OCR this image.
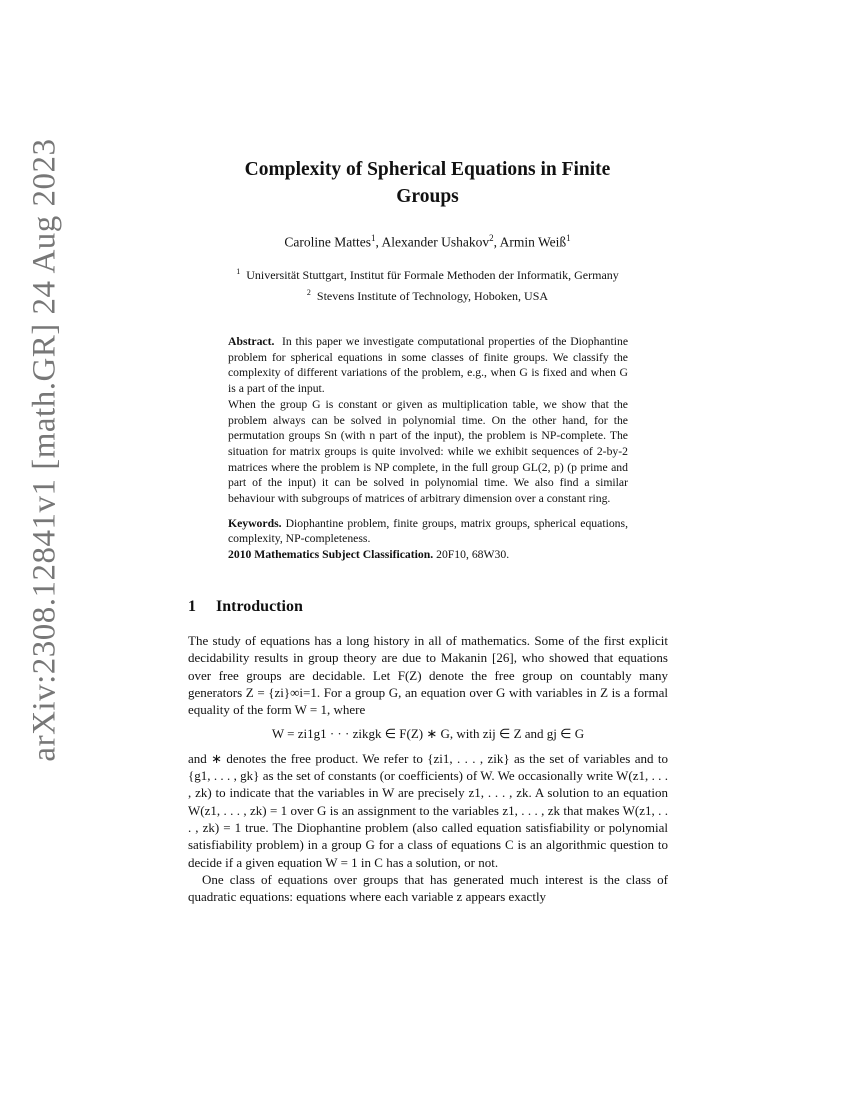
arXiv:2308.12841v1 [math.GR] 24 Aug 2023	Complexity of Spherical Equations in Finite
Groups
Caroline Mattes$^1$, Alexander Ushakov$^2$, Armin Weiß$^1$
$^1$ Universität Stuttgart, Institut für Formale Methoden der Informatik, Germany
$^2$ Stevens Institute of Technology, Hoboken, USA

Abstract. In this paper we investigate computational properties of the Diophantine problem for spherical equations in some classes of finite groups. We classify the complexity of different variations of the problem, e.g., when G is fixed and when G is a part of the input.

When the group G is constant or given as multiplication table, we show that the problem always can be solved in polynomial time. On the other hand, for the permutation groups Sn (with n part of the input), the problem is NP-complete. The situation for matrix groups is quite involved: while we exhibit sequences of 2-by-2 matrices where the problem is NP complete, in the full group GL(2, p) (p prime and part of the input) it can be solved in polynomial time. We also find a similar behaviour with subgroups of matrices of arbitrary dimension over a constant ring.

Keywords. Diophantine problem, finite groups, matrix groups, spherical equations, complexity, NP-completeness.

2010 Mathematics Subject Classification. 20F10, 68W30.

1 Introduction

The study of equations has a long history in all of mathematics. Some of the first explicit decidability results in group theory are due to Makanin [26], who showed that equations over free groups are decidable. Let F(Z) denote the free group on countably many generators Z = {zi}∞i=1. For a group G, an equation over G with variables in Z is a formal equality of the form W = 1, where

W = zi1g1 · · · zikgk ∈ F(Z) ∗ G, with zij ∈ Z and gj ∈ G

and ∗ denotes the free product. We refer to {zi1, . . . , zik} as the set of variables and to {g1, . . . , gk} as the set of constants (or coefficients) of W. We occasionally write W(z1, . . . , zk) to indicate that the variables in W are precisely z1, . . . , zk. A solution to an equation W(z1, . . . , zk) = 1 over G is an assignment to the variables z1, . . . , zk that makes W(z1, . . . , zk) = 1 true. The Diophantine problem (also called equation satisfiability or polynomial satisfiability problem) in a group G for a class of equations C is an algorithmic question to decide if a given equation W = 1 in C has a solution, or not.

One class of equations over groups that has generated much interest is the class of quadratic equations: equations where each variable z appears exactly
